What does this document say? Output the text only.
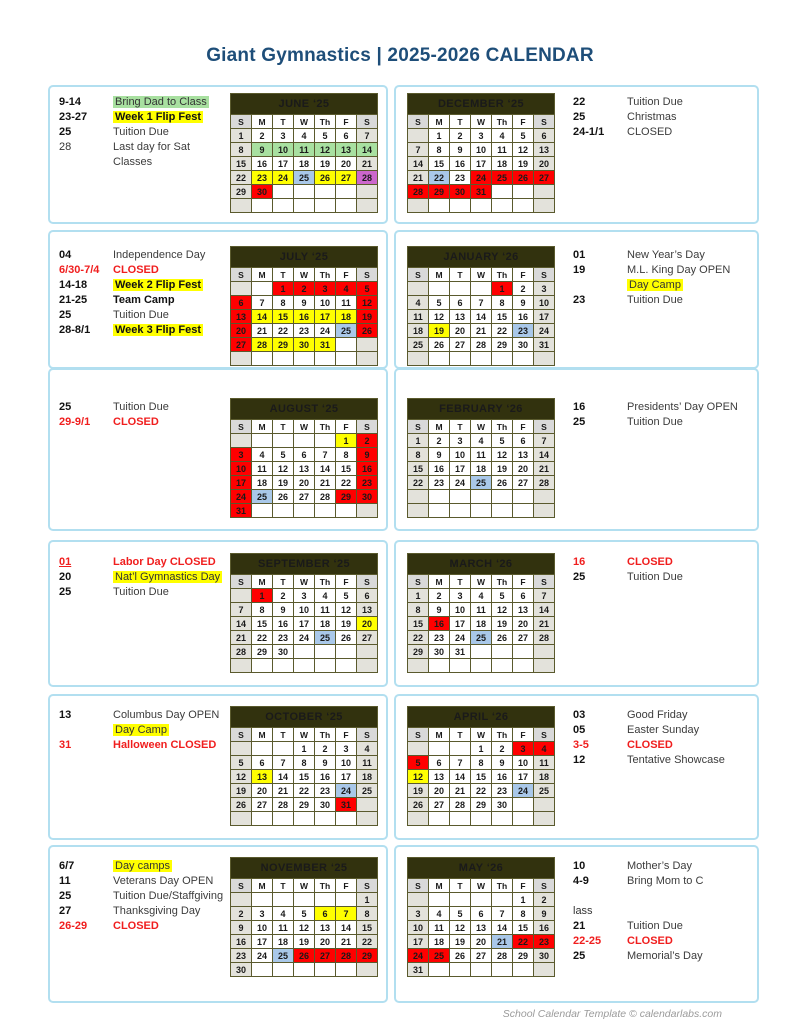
Giant Gymnastics | 2025-2026 CALENDAR
JUNE ‘25						
S	M	T	W	Th	F	S
1	2	3	4	5	6	7
8	9	10	11	12	13	14
15	16	17	18	19	20	21
22	23	24	25	26	27	28
29	30					

9-14	Bring Dad to Class
23-27	Week 1 Flip Fest
25	Tuition Due
28	Last day for Sat
Classes
DECEMBER ‘25						
S	M	T	W	Th	F	S
	1	2	3	4	5	6
7	8	9	10	11	12	13
14	15	16	17	18	19	20
21	22	23	24	25	26	27
28	29	30	31			

22	Tuition Due
25	Christmas
24-1/1 CLOSED
JULY ‘25						
S	M	T	W	Th	F	S
		1	2	3	4	5
6	7	8	9	10	11	12
13	14	15	16	17	18	19
20	21	22	23	24	25	26
27	28	29	30	31		

04	Independence Day
6/30-7/4 CLOSED
14-18	Week 2 Flip Fest
21-25 Team Camp
25	Tuition Due
28-8/1 Week 3 Flip Fest
JANUARY ‘26						
S	M	T	W	Th	F	S
				1	2	3
4	5	6	7	8	9	10
11	12	13	14	15	16	17
18	19	20	21	22	23	24
25	26	27	28	29	30	31

01	New Year’s Day
19	M.L. King Day OPEN
Day Camp
23	Tuition Due
AUGUST ‘25						
S	M	T	W	Th	F	S
					1	2
3	4	5	6	7	8	9
10	11	12	13	14	15	16
17	18	19	20	21	22	23
24	25	26	27	28	29	30
31						
25	Tuition Due
29-9/1 CLOSED
FEBRUARY ‘26						
S	M	T	W	Th	F	S
1	2	3	4	5	6	7
8	9	10	11	12	13	14
15	16	17	18	19	20	21
22	23	24	25	26	27	28

16	Presidents’ Day OPEN
25	Tuition Due
SEPTEMBER ‘25						
S	M	T	W	Th	F	S
	1	2	3	4	5	6
7	8	9	10	11	12	13
14	15	16	17	18	19	20
21	22	23	24	25	26	27
28	29	30				

01	Labor Day CLOSED
20	Nat’l Gymnastics Day
25	Tuition Due
MARCH ‘26						
S	M	T	W	Th	F	S
1	2	3	4	5	6	7
8	9	10	11	12	13	14
15	16	17	18	19	20	21
22	23	24	25	26	27	28
29	30	31				

16	CLOSED
25	Tuition Due
OCTOBER ‘25						
S	M	T	W	Th	F	S
			1	2	3	4
5	6	7	8	9	10	11
12	13	14	15	16	17	18
19	20	21	22	23	24	25
26	27	28	29	30	31	

13	Columbus Day OPEN
Day Camp
31	Halloween CLOSED
APRIL ‘26						
S	M	T	W	Th	F	S
			1	2	3	4
5	6	7	8	9	10	11
12	13	14	15	16	17	18
19	20	21	22	23	24	25
26	27	28	29	30		

03	Good Friday
05	Easter Sunday
3-5	CLOSED
12	Tentative Showcase
NOVEMBER ‘25						
S	M	T	W	Th	F	S
						1
2	3	4	5	6	7	8
9	10	11	12	13	14	15
16	17	18	19	20	21	22
23	24	25	26	27	28	29
30						
6/7	Day camps
11	Veterans Day OPEN
25	Tuition Due/Staffgiving
27	Thanksgiving Day
26-29 CLOSED
MAY ‘26						
S	M	T	W	Th	F	S
					1	2
3	4	5	6	7	8	9
10	11	12	13	14	15	16
17	18	19	20	21	22	23
24	25	26	27	28	29	30
31						
10	Mother’s Day
4-9	Bring Mom to C
lass
21	Tuition Due
22-25 CLOSED
25	Memorial’s Day
School Calendar Template © calendarlabs.com
